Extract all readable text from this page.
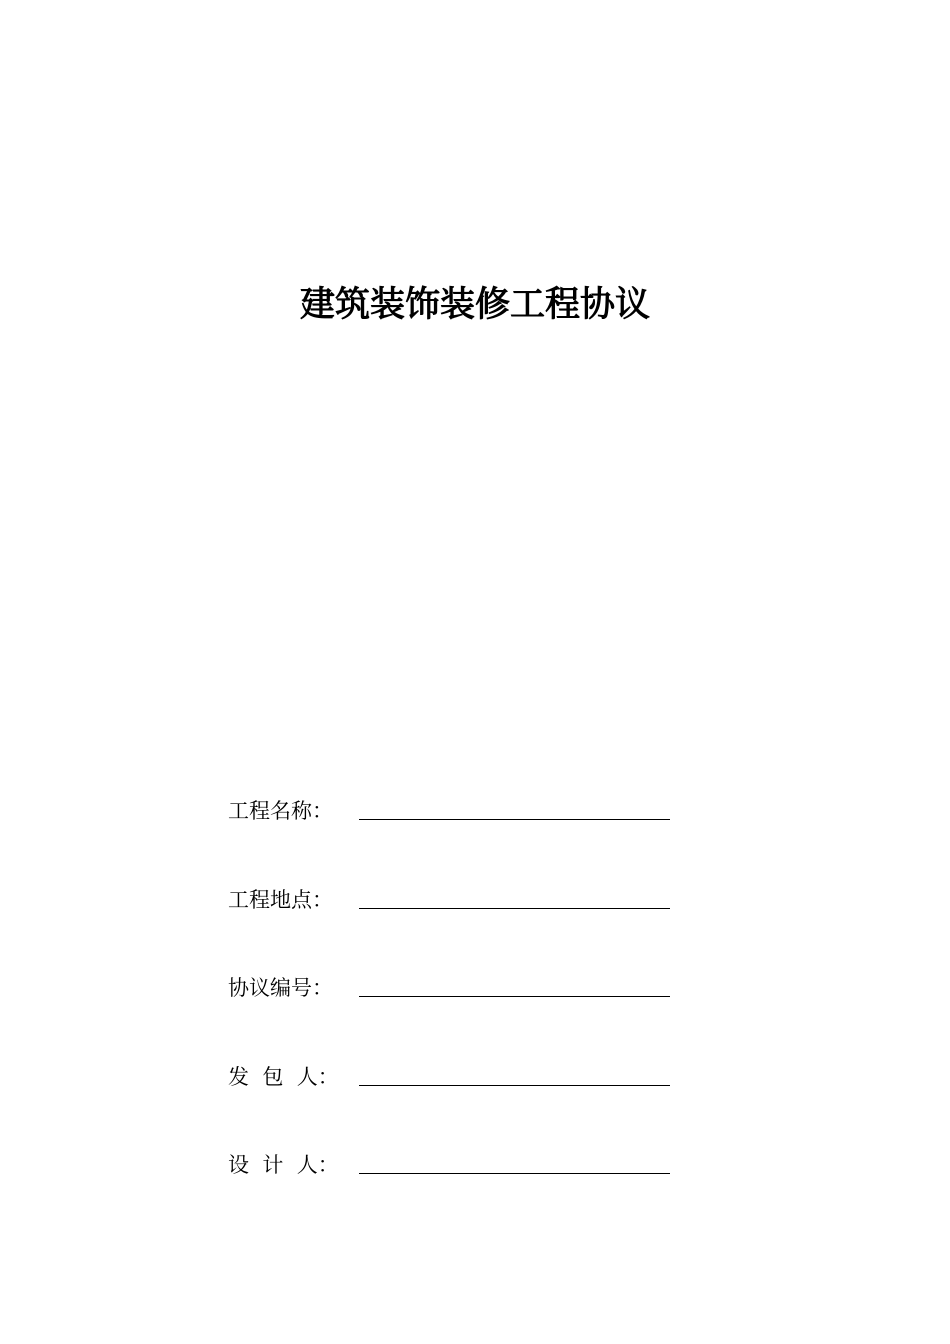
建筑装饰装修工程协议
工程名称：
工程地点：
协议编号：
发  包  人：
设  计  人：
